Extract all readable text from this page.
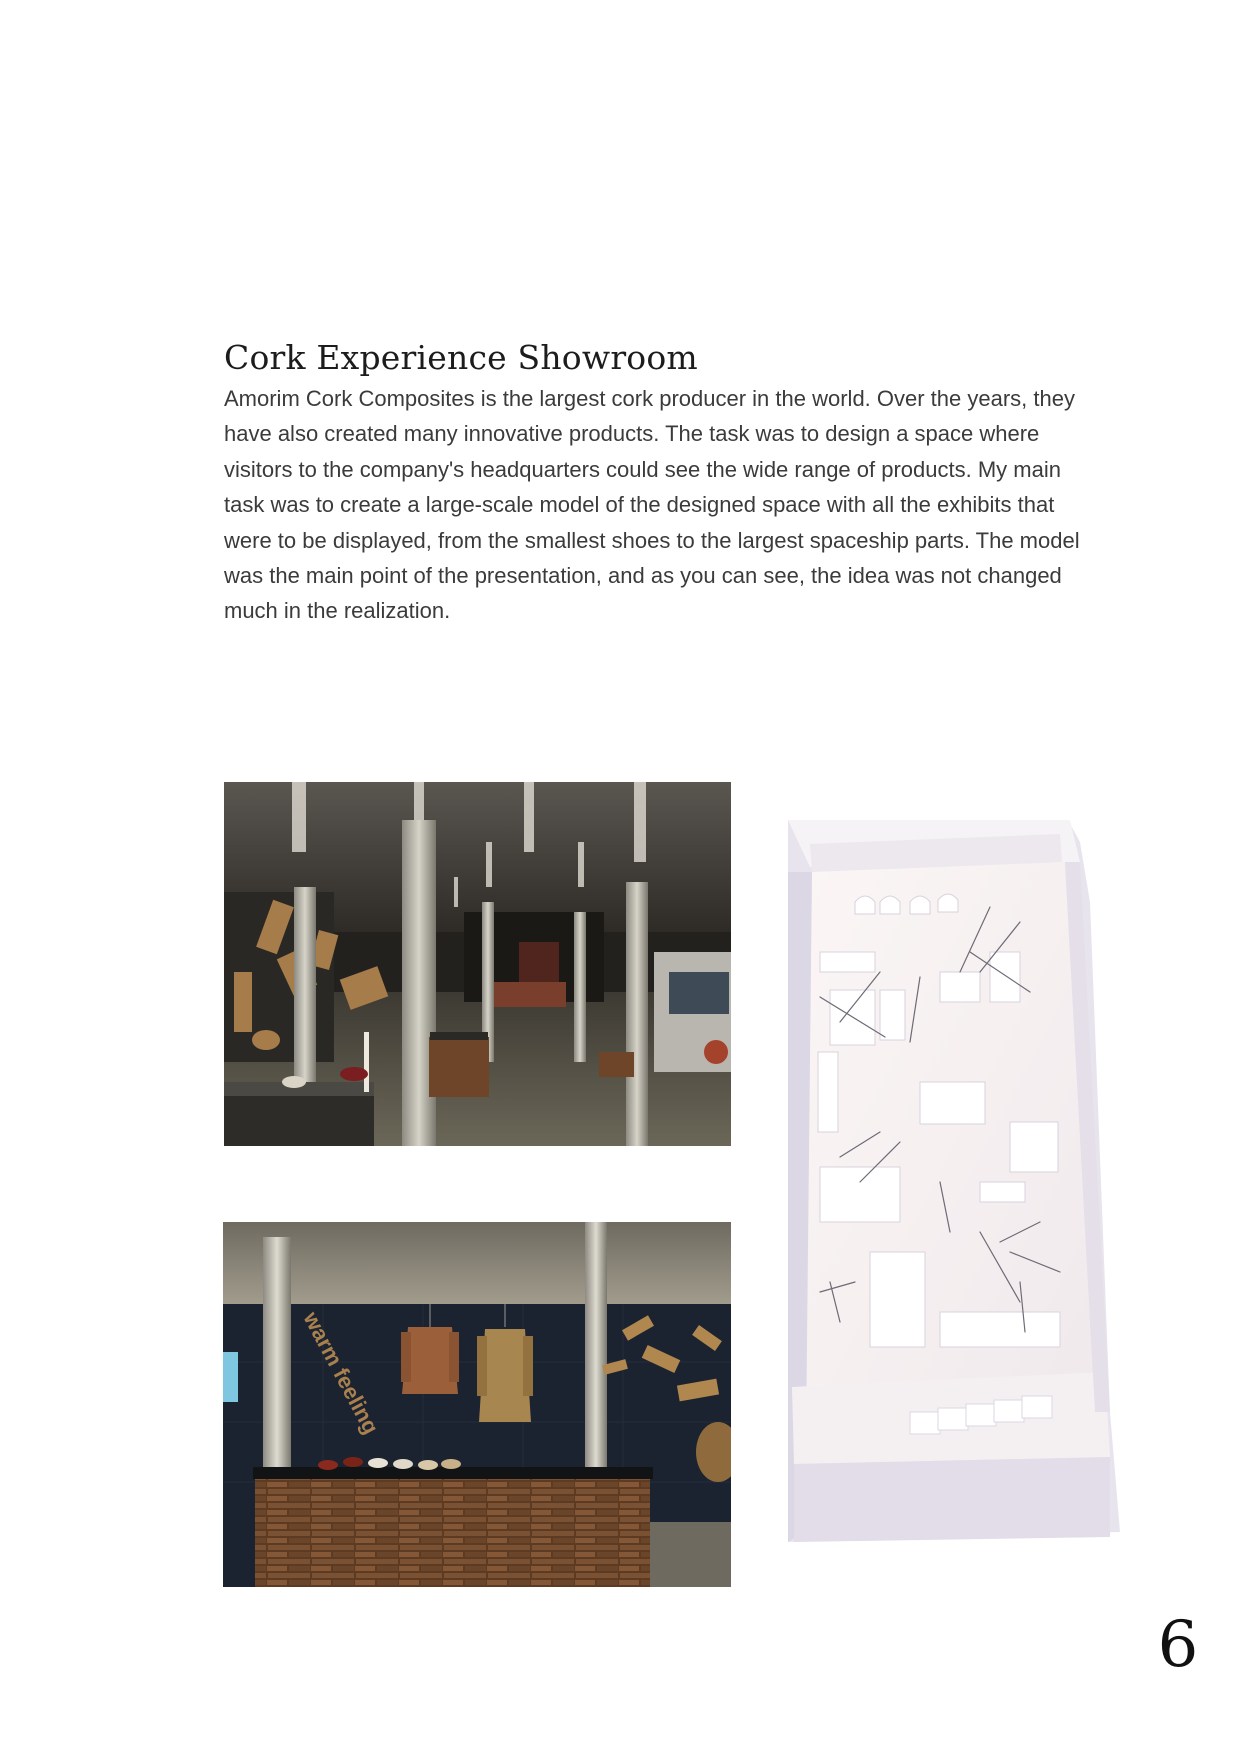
Cork Experience Showroom

Amorim Cork Composites is the largest cork producer in the world. Over the years, they have also created many innovative products. The task was to design a space where visitors to the company's headquarters could see the wide range of products. My main task was to create a large-scale model of the designed space with all the exhibits that were to be displayed, from the smallest shoes to the largest spaceship parts. The model was the main point of the presentation, and as you can see, the idea was not changed much in the realization.

warm feeling
6
